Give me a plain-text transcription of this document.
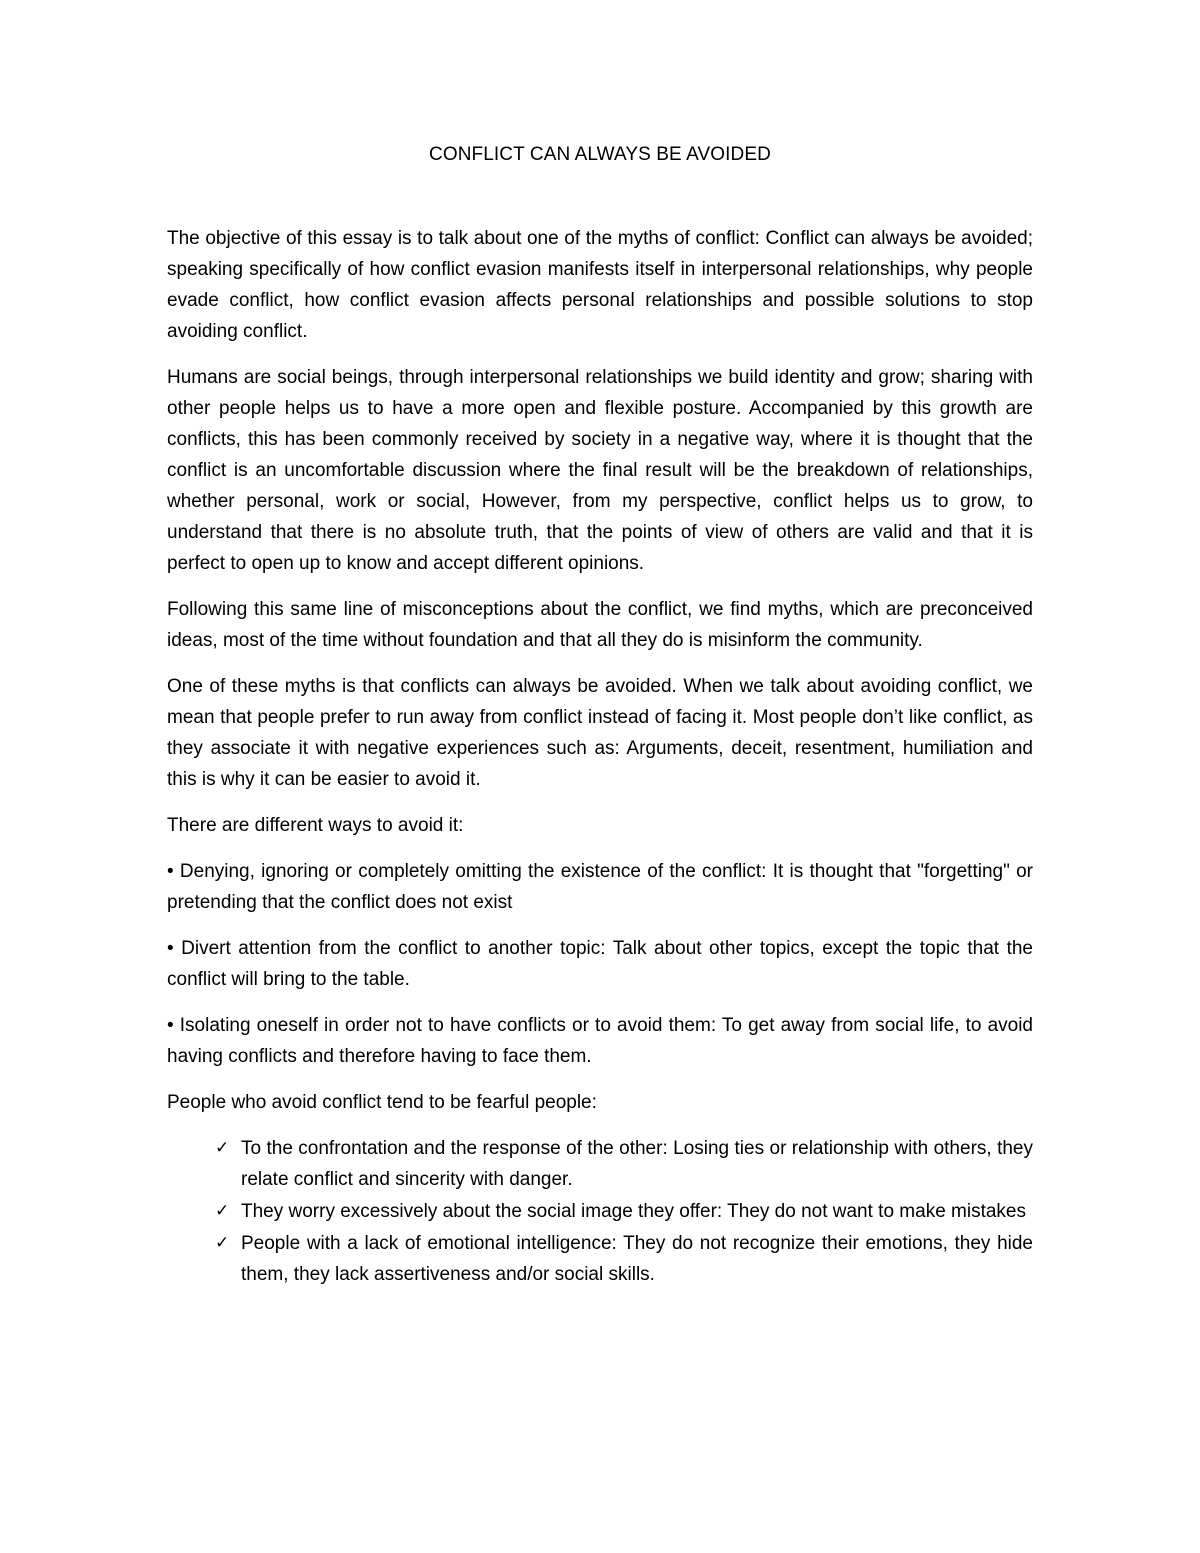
CONFLICT CAN ALWAYS BE AVOIDED

The objective of this essay is to talk about one of the myths of conflict: Conflict can always be avoided; speaking specifically of how conflict evasion manifests itself in interpersonal relationships, why people evade conflict, how conflict evasion affects personal relationships and possible solutions to stop avoiding conflict.

Humans are social beings, through interpersonal relationships we build identity and grow; sharing with other people helps us to have a more open and flexible posture. Accompanied by this growth are conflicts, this has been commonly received by society in a negative way, where it is thought that the conflict is an uncomfortable discussion where the final result will be the breakdown of relationships, whether personal, work or social, However, from my perspective, conflict helps us to grow, to understand that there is no absolute truth, that the points of view of others are valid and that it is perfect to open up to know and accept different opinions.

Following this same line of misconceptions about the conflict, we find myths, which are preconceived ideas, most of the time without foundation and that all they do is misinform the community.

One of these myths is that conflicts can always be avoided. When we talk about avoiding conflict, we mean that people prefer to run away from conflict instead of facing it. Most people don’t like conflict, as they associate it with negative experiences such as: Arguments, deceit, resentment, humiliation and this is why it can be easier to avoid it.

There are different ways to avoid it:

• Denying, ignoring or completely omitting the existence of the conflict: It is thought that "forgetting" or pretending that the conflict does not exist

• Divert attention from the conflict to another topic: Talk about other topics, except the topic that the conflict will bring to the table.

• Isolating oneself in order not to have conflicts or to avoid them: To get away from social life, to avoid having conflicts and therefore having to face them.

People who avoid conflict tend to be fearful people:

✓ To the confrontation and the response of the other: Losing ties or relationship with others, they relate conflict and sincerity with danger.
✓ They worry excessively about the social image they offer: They do not want to make mistakes
✓ People with a lack of emotional intelligence: They do not recognize their emotions, they hide them, they lack assertiveness and/or social skills.
